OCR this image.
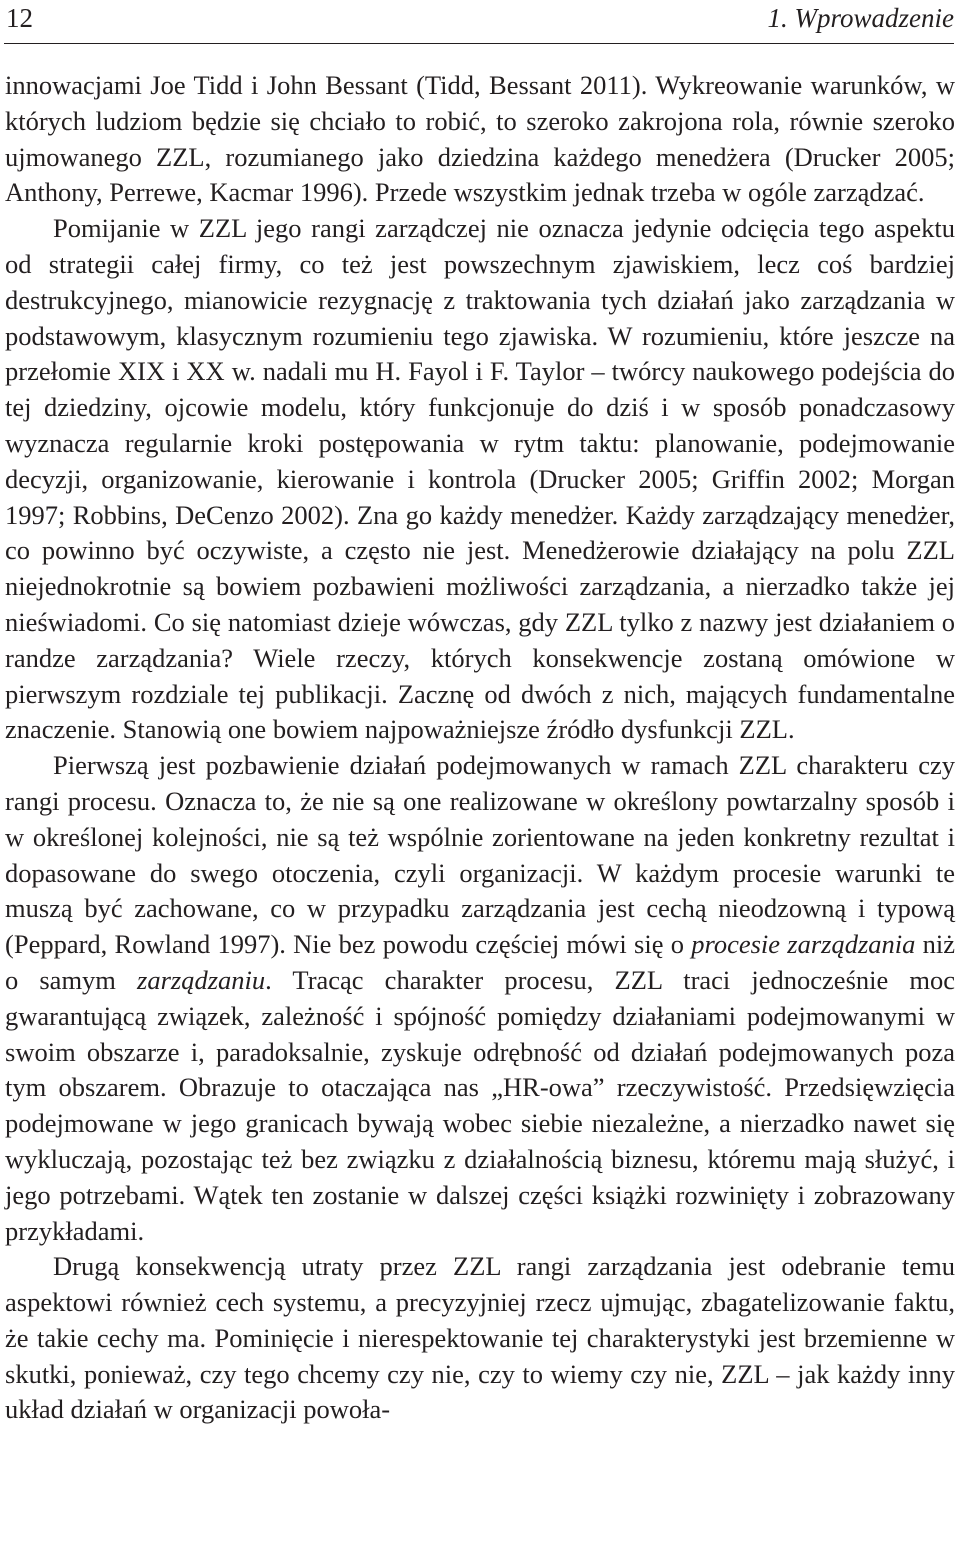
12	1. Wprowadzenie

innowacjami Joe Tidd i John Bessant (Tidd, Bessant 2011). Wykreowanie warunków, w których ludziom będzie się chciało to robić, to szeroko zakrojona rola, równie szeroko ujmowanego ZZL, rozumianego jako dziedzina każdego menedżera (Drucker 2005; Anthony, Perrewe, Kacmar 1996). Przede wszystkim jednak trzeba w ogóle zarządzać.

Pomijanie w ZZL jego rangi zarządczej nie oznacza jedynie odcięcia tego aspektu od strategii całej firmy, co też jest powszechnym zjawiskiem, lecz coś bardziej destrukcyjnego, mianowicie rezygnację z traktowania tych działań jako zarządzania w podstawowym, klasycznym rozumieniu tego zjawiska. W rozumieniu, które jeszcze na przełomie XIX i XX w. nadali mu H. Fayol i F. Taylor – twórcy naukowego podejścia do tej dziedziny, ojcowie modelu, który funkcjonuje do dziś i w sposób ponadczasowy wyznacza regularnie kroki postępowania w rytm taktu: planowanie, podejmowanie decyzji, organizowanie, kierowanie i kontrola (Drucker 2005; Griffin 2002; Morgan 1997; Robbins, DeCenzo 2002). Zna go każdy menedżer. Każdy zarządzający menedżer, co powinno być oczywiste, a często nie jest. Menedżerowie działający na polu ZZL niejednokrotnie są bowiem pozbawieni możliwości zarządzania, a nierzadko także jej nieświadomi. Co się natomiast dzieje wówczas, gdy ZZL tylko z nazwy jest działaniem o randze zarządzania? Wiele rzeczy, których konsekwencje zostaną omówione w pierwszym rozdziale tej publikacji. Zacznę od dwóch z nich, mających fundamentalne znaczenie. Stanowią one bowiem najpoważniejsze źródło dysfunkcji ZZL.

Pierwszą jest pozbawienie działań podejmowanych w ramach ZZL charakteru czy rangi procesu. Oznacza to, że nie są one realizowane w określony powtarzalny sposób i w określonej kolejności, nie są też wspólnie zorientowane na jeden konkretny rezultat i dopasowane do swego otoczenia, czyli organizacji. W każdym procesie warunki te muszą być zachowane, co w przypadku zarządzania jest cechą nieodzowną i typową (Peppard, Rowland 1997). Nie bez powodu częściej mówi się o procesie zarządzania niż o samym zarządzaniu. Tracąc charakter procesu, ZZL traci jednocześnie moc gwarantującą związek, zależność i spójność pomiędzy działaniami podejmowanymi w swoim obszarze i, paradoksalnie, zyskuje odrębność od działań podejmowanych poza tym obszarem. Obrazuje to otaczająca nas „HR-owa” rzeczywistość. Przedsięwzięcia podejmowane w jego granicach bywają wobec siebie niezależne, a nierzadko nawet się wykluczają, pozostając też bez związku z działalnością biznesu, któremu mają służyć, i jego potrzebami. Wątek ten zostanie w dalszej części książki rozwinięty i zobrazowany przykładami.

Drugą konsekwencją utraty przez ZZL rangi zarządzania jest odebranie temu aspektowi również cech systemu, a precyzyjniej rzecz ujmując, zbagatelizowanie faktu, że takie cechy ma. Pominięcie i nierespektowanie tej charakterystyki jest brzemienne w skutki, ponieważ, czy tego chcemy czy nie, czy to wiemy czy nie, ZZL – jak każdy inny układ działań w organizacji powoła-
